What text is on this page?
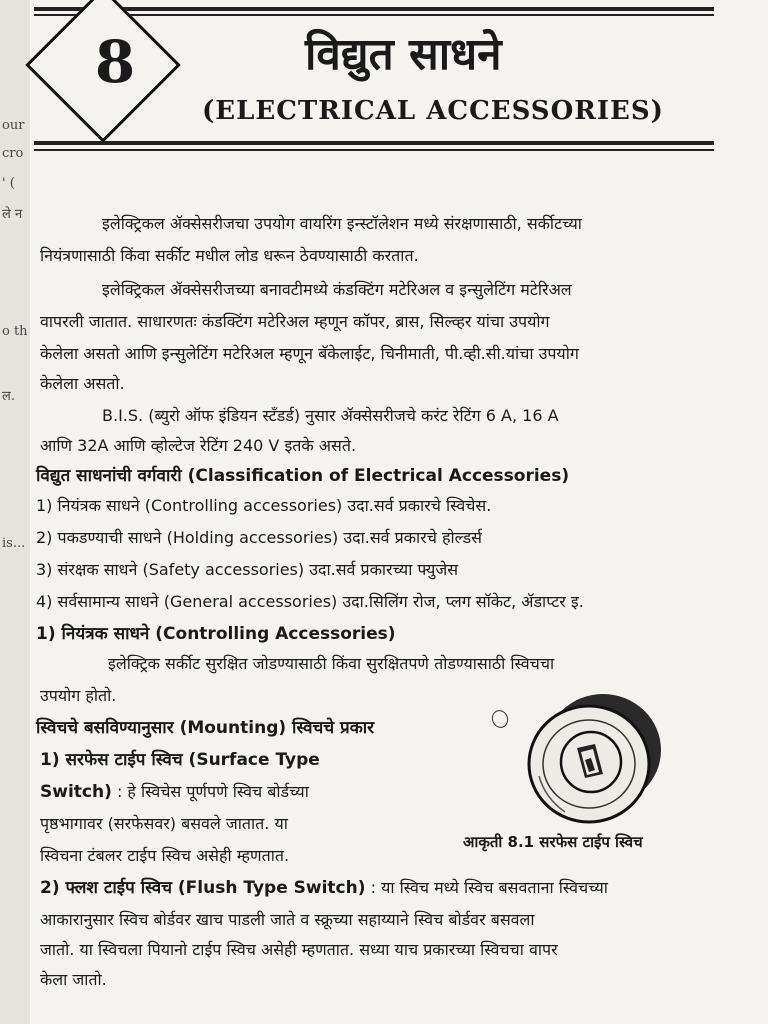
our
cro
' (
ले न
o th
ल.
is...
8	विद्युत साधने
(ELECTRICAL ACCESSORIES)
इलेक्ट्रिकल ॲक्सेसरीजचा उपयोग वायरिंग इन्स्टॉलेशन मध्ये संरक्षणासाठी, सर्कीटच्या
नियंत्रणासाठी किंवा सर्कीट मधील लोड धरून ठेवण्यासाठी करतात.
इलेक्ट्रिकल ॲक्सेसरीजच्या बनावटीमध्ये कंडक्टिंग मटेरिअल व इन्सुलेटिंग मटेरिअल
वापरली जातात. साधारणतः कंडक्टिंग मटेरिअल म्हणून कॉपर, ब्रास, सिल्व्हर यांचा उपयोग
केलेला असतो आणि इन्सुलेटिंग मटेरिअल म्हणून बॅकेलाईट, चिनीमाती, पी.व्ही.सी.यांचा उपयोग
केलेला असतो.
B.I.S. (ब्युरो ऑफ इंडियन स्टँडर्ड) नुसार ॲक्सेसरीजचे करंट रेटिंग 6 A, 16 A
आणि 32A आणि व्होल्टेज रेटिंग 240 V इतके असते.
विद्युत साधनांची वर्गवारी (Classification of Electrical Accessories)
1) नियंत्रक साधने (Controlling accessories) उदा.सर्व प्रकारचे स्विचेस.
2) पकडण्याची साधने (Holding accessories) उदा.सर्व प्रकारचे होल्डर्स
3) संरक्षक साधने (Safety accessories) उदा.सर्व प्रकारच्या फ्युजेस
4) सर्वसामान्य साधने (General accessories) उदा.सिलिंग रोज, प्लग सॉकेट, ॲडाप्टर इ.
1) नियंत्रक साधने (Controlling Accessories)
इलेक्ट्रिक सर्कीट सुरक्षित जोडण्यासाठी किंवा सुरक्षितपणे तोडण्यासाठी स्विचचा
उपयोग होतो.
स्विचचे बसविण्यानुसार (Mounting) स्विचचे प्रकार
1) सरफेस टाईप स्विच (Surface Type
Switch) : हे स्विचेस पूर्णपणे स्विच बोर्डच्या
पृष्ठभागावर (सरफेसवर) बसवले जातात. या
स्विचना टंबलर टाईप स्विच असेही म्हणतात.
आकृती 8.1 सरफेस टाईप स्विच
2) फ्लश टाईप स्विच (Flush Type Switch) : या स्विच मध्ये स्विच बसवताना स्विचच्या
आकारानुसार स्विच बोर्डवर खाच पाडली जाते व स्क्रूच्या सहाय्याने स्विच बोर्डवर बसवला
जातो. या स्विचला पियानो टाईप स्विच असेही म्हणतात. सध्या याच प्रकारच्या स्विचचा वापर
केला जातो.
